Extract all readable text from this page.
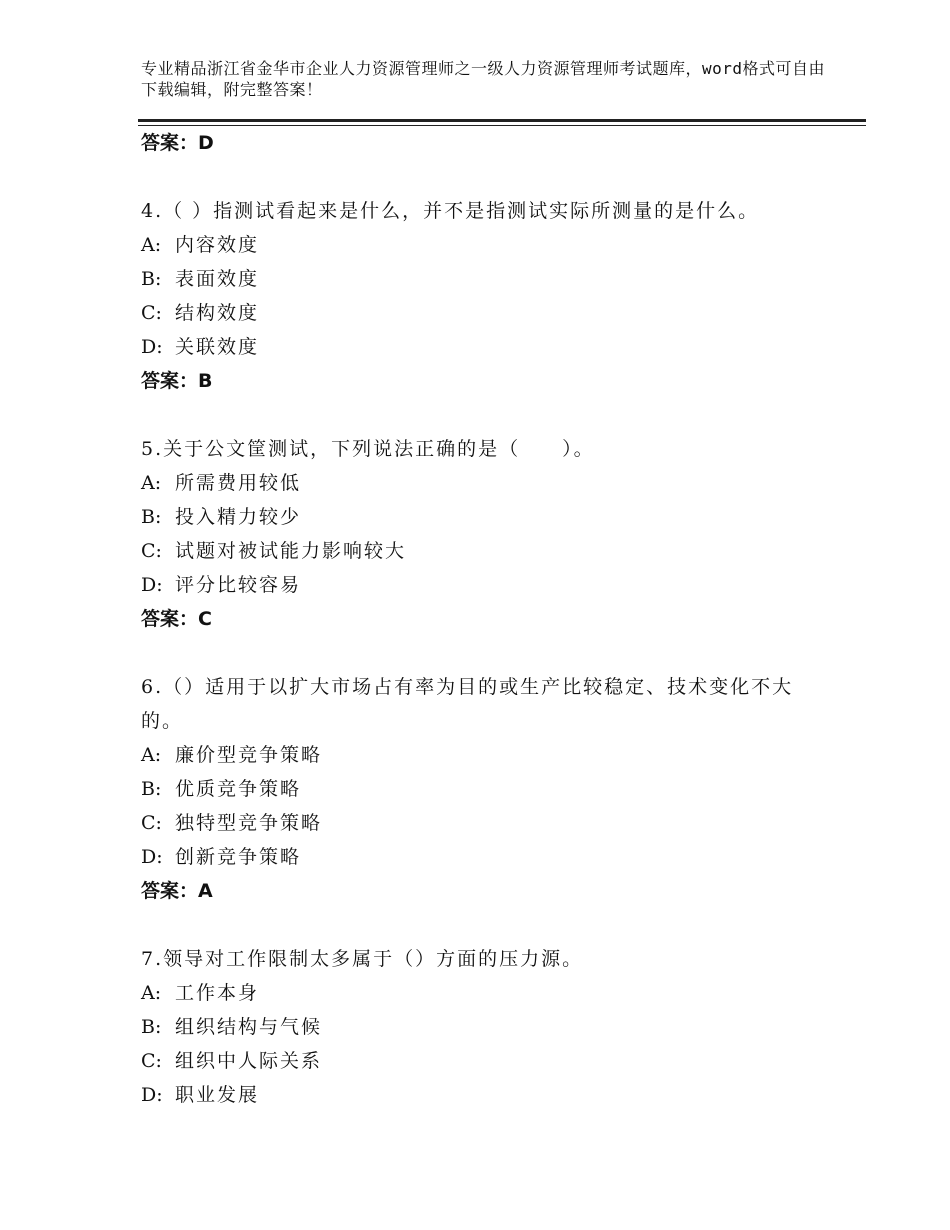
专业精品浙江省金华市企业人力资源管理师之一级人力资源管理师考试题库，word格式可自由下载编辑，附完整答案！
答案：D
4.（ ）指测试看起来是什么，并不是指测试实际所测量的是什么。
A: 内容效度
B: 表面效度
C: 结构效度
D: 关联效度
答案：B
5.关于公文筐测试，下列说法正确的是（　　）。
A: 所需费用较低
B: 投入精力较少
C: 试题对被试能力影响较大
D: 评分比较容易
答案：C
6.（）适用于以扩大市场占有率为目的或生产比较稳定、技术变化不大的。
A: 廉价型竞争策略
B: 优质竞争策略
C: 独特型竞争策略
D: 创新竞争策略
答案：A
7.领导对工作限制太多属于（）方面的压力源。
A: 工作本身
B: 组织结构与气候
C: 组织中人际关系
D: 职业发展
